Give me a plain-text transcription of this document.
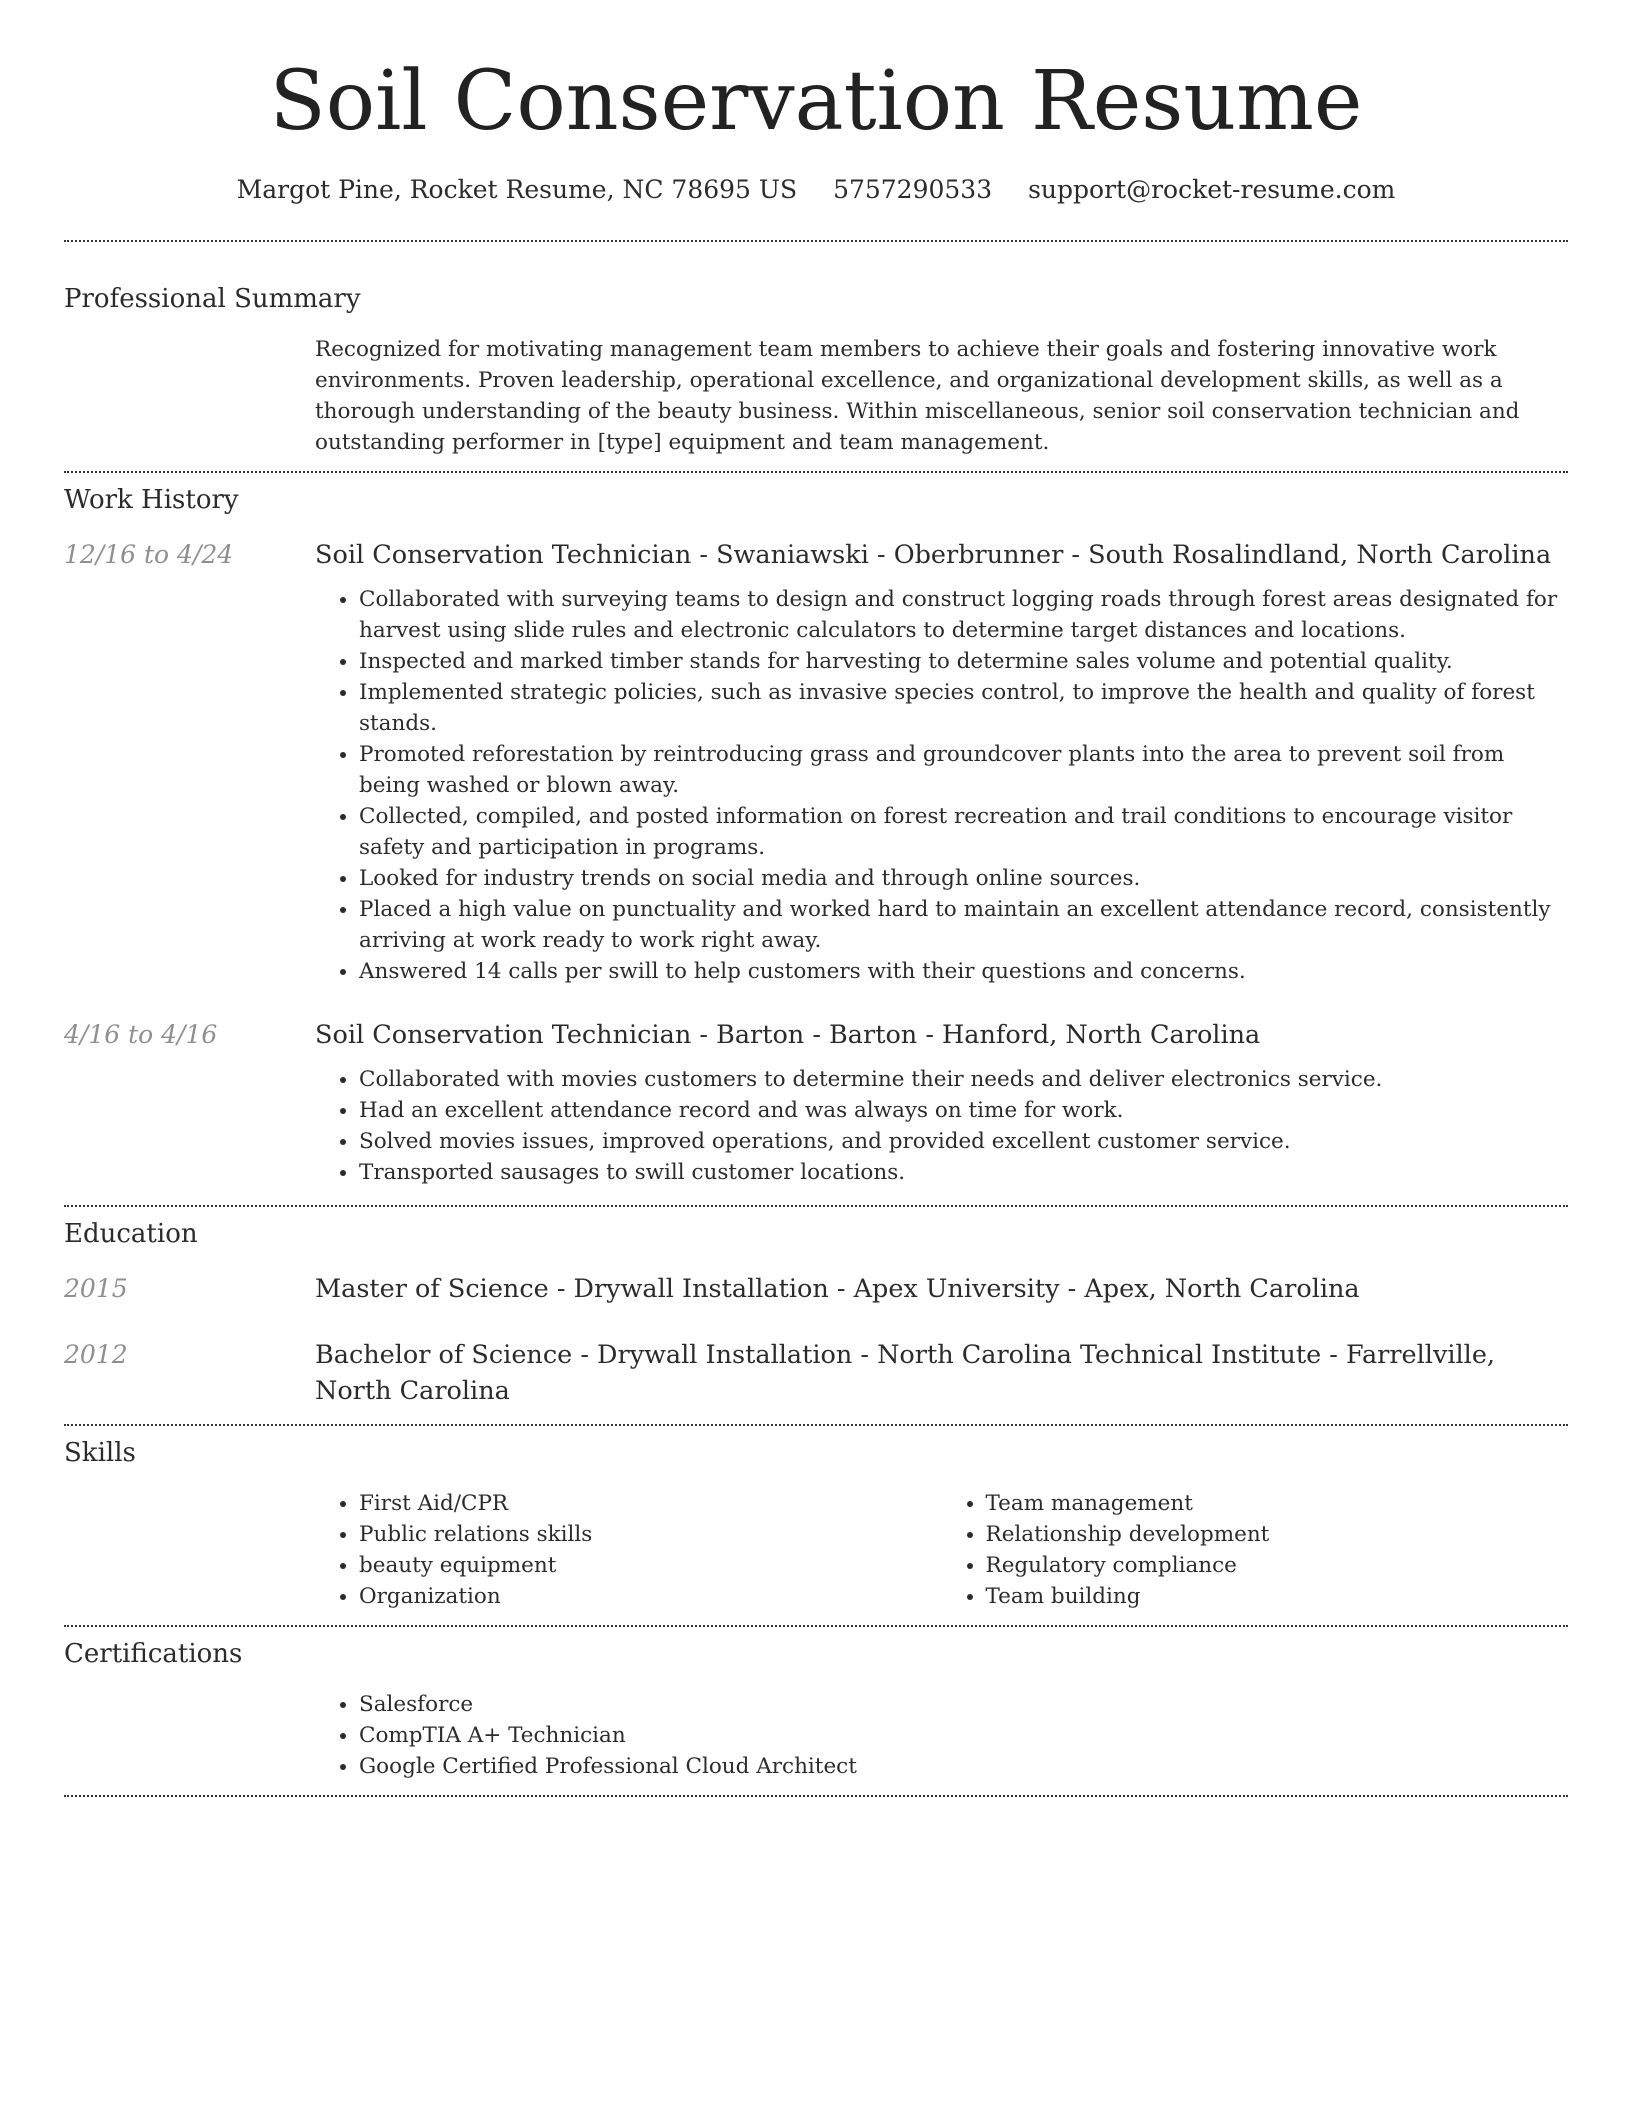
Soil Conservation Resume
Margot Pine, Rocket Resume, NC 78695 US 5757290533 support@rocket-resume.com
Professional Summary
Recognized for motivating management team members to achieve their goals and fostering innovative work environments. Proven leadership, operational excellence, and organizational development skills, as well as a thorough understanding of the beauty business. Within miscellaneous, senior soil conservation technician and outstanding performer in [type] equipment and team management.
Work History
12/16 to 4/24	Soil Conservation Technician - Swaniawski - Oberbrunner - South Rosalindland, North Carolina
• Collaborated with surveying teams to design and construct logging roads through forest areas designated for harvest using slide rules and electronic calculators to determine target distances and locations.
• Inspected and marked timber stands for harvesting to determine sales volume and potential quality.
• Implemented strategic policies, such as invasive species control, to improve the health and quality of forest stands.
• Promoted reforestation by reintroducing grass and groundcover plants into the area to prevent soil from being washed or blown away.
• Collected, compiled, and posted information on forest recreation and trail conditions to encourage visitor safety and participation in programs.
• Looked for industry trends on social media and through online sources.
• Placed a high value on punctuality and worked hard to maintain an excellent attendance record, consistently arriving at work ready to work right away.
• Answered 14 calls per swill to help customers with their questions and concerns.
4/16 to 4/16	Soil Conservation Technician - Barton - Barton - Hanford, North Carolina
• Collaborated with movies customers to determine their needs and deliver electronics service.
• Had an excellent attendance record and was always on time for work.
• Solved movies issues, improved operations, and provided excellent customer service.
• Transported sausages to swill customer locations.
Education
2015	Master of Science - Drywall Installation - Apex University - Apex, North Carolina
2012	Bachelor of Science - Drywall Installation - North Carolina Technical Institute - Farrellville, North Carolina
Skills
• First Aid/CPR
• Public relations skills
• beauty equipment
• Organization
• Team management
• Relationship development
• Regulatory compliance
• Team building
Certifications
• Salesforce
• CompTIA A+ Technician
• Google Certified Professional Cloud Architect
